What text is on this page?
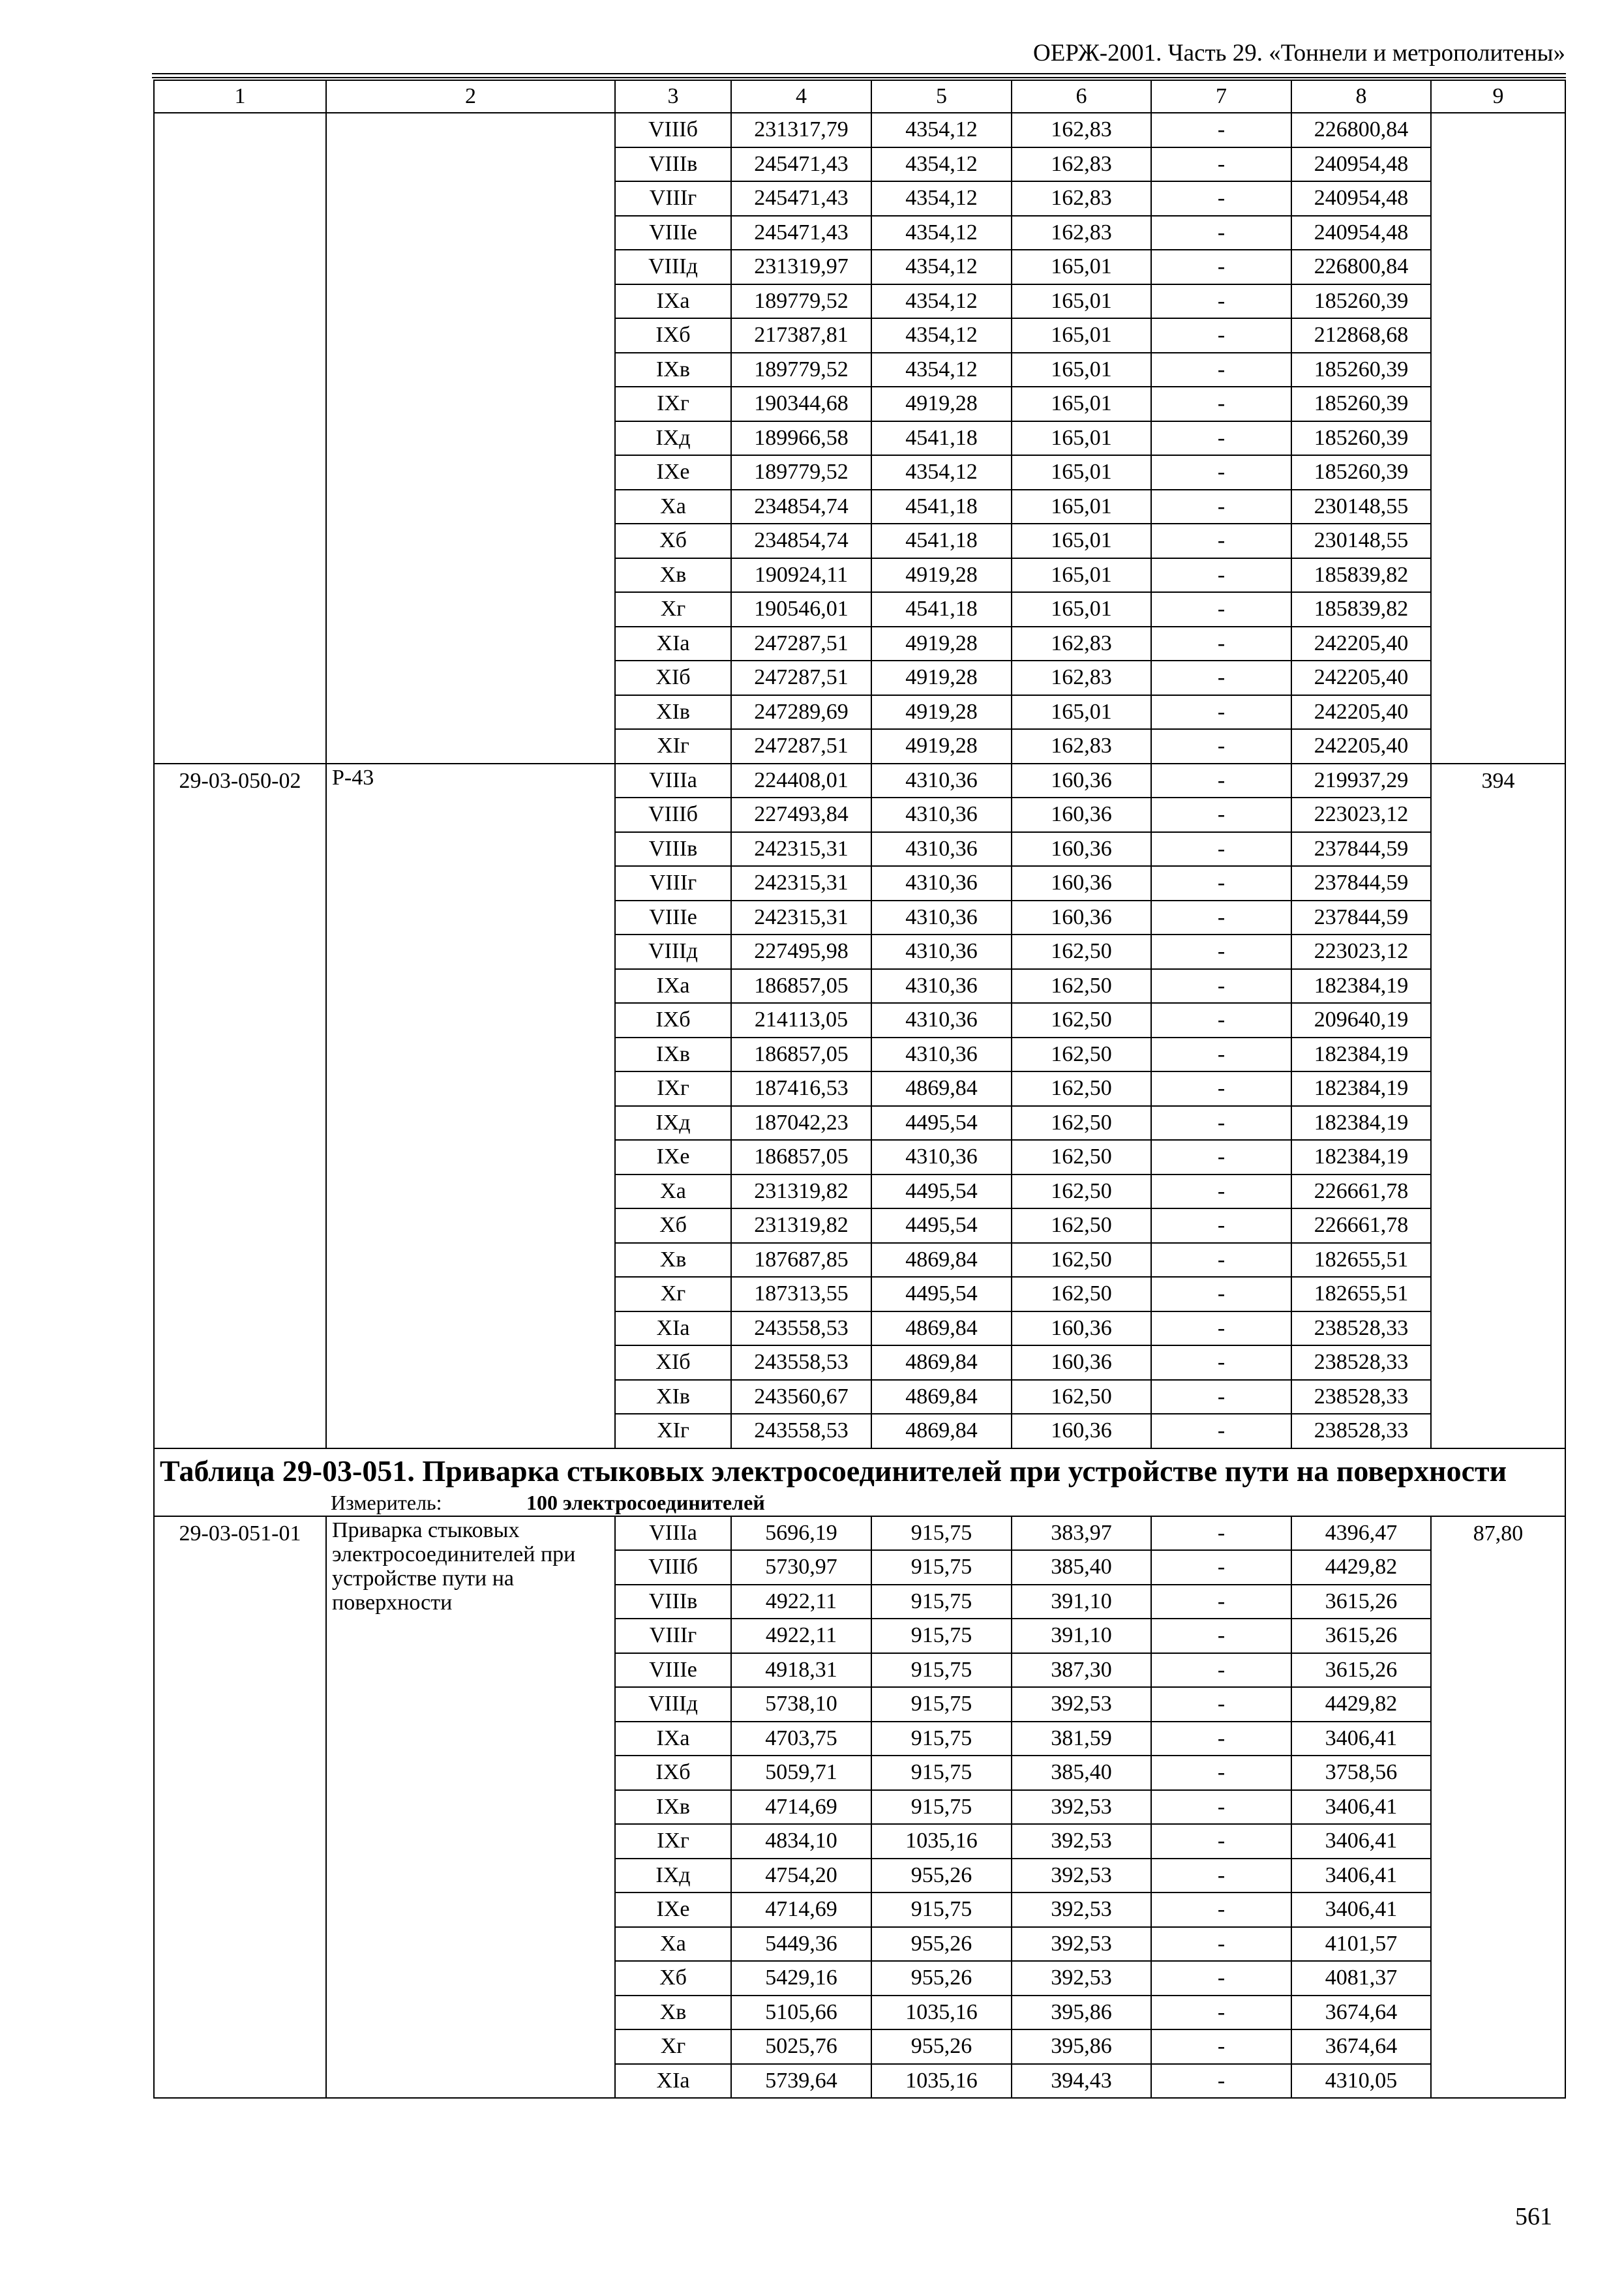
ОЕРЖ-2001. Часть 29. «Тоннели и метрополитены»
1	2	3	4	5	6	7	8	9
		VIIIб	231317,79	4354,12	162,83	-	226800,84	
		VIIIв	245471,43	4354,12	162,83	-	240954,48	
		VIIIг	245471,43	4354,12	162,83	-	240954,48	
		VIIIе	245471,43	4354,12	162,83	-	240954,48	
		VIIIд	231319,97	4354,12	165,01	-	226800,84	
		IXа	189779,52	4354,12	165,01	-	185260,39	
		IXб	217387,81	4354,12	165,01	-	212868,68	
		IXв	189779,52	4354,12	165,01	-	185260,39	
		IXг	190344,68	4919,28	165,01	-	185260,39	
		IXд	189966,58	4541,18	165,01	-	185260,39	
		IXе	189779,52	4354,12	165,01	-	185260,39	
		Xа	234854,74	4541,18	165,01	-	230148,55	
		Xб	234854,74	4541,18	165,01	-	230148,55	
		Xв	190924,11	4919,28	165,01	-	185839,82	
		Xг	190546,01	4541,18	165,01	-	185839,82	
		XIа	247287,51	4919,28	162,83	-	242205,40	
		XIб	247287,51	4919,28	162,83	-	242205,40	
		XIв	247289,69	4919,28	165,01	-	242205,40	
		XIг	247287,51	4919,28	162,83	-	242205,40	
29-03-050-02	Р-43	VIIIа	224408,01	4310,36	160,36	-	219937,29	394
		VIIIб	227493,84	4310,36	160,36	-	223023,12	
		VIIIв	242315,31	4310,36	160,36	-	237844,59	
		VIIIг	242315,31	4310,36	160,36	-	237844,59	
		VIIIе	242315,31	4310,36	160,36	-	237844,59	
		VIIIд	227495,98	4310,36	162,50	-	223023,12	
		IXа	186857,05	4310,36	162,50	-	182384,19	
		IXб	214113,05	4310,36	162,50	-	209640,19	
		IXв	186857,05	4310,36	162,50	-	182384,19	
		IXг	187416,53	4869,84	162,50	-	182384,19	
		IXд	187042,23	4495,54	162,50	-	182384,19	
		IXе	186857,05	4310,36	162,50	-	182384,19	
		Xа	231319,82	4495,54	162,50	-	226661,78	
		Xб	231319,82	4495,54	162,50	-	226661,78	
		Xв	187687,85	4869,84	162,50	-	182655,51	
		Xг	187313,55	4495,54	162,50	-	182655,51	
		XIа	243558,53	4869,84	160,36	-	238528,33	
		XIб	243558,53	4869,84	160,36	-	238528,33	
		XIв	243560,67	4869,84	162,50	-	238528,33	
		XIг	243558,53	4869,84	160,36	-	238528,33	

Таблица 29-03-051. Приварка стыковых электросоединителей при устройстве пути на поверхности
Измеритель: 100 электросоединителей								

29-03-051-01	Приварка стыковых электросоединителей при устройстве пути на поверхности	VIIIа	5696,19	915,75	383,97	-	4396,47	87,80
		VIIIб	5730,97	915,75	385,40	-	4429,82	
		VIIIв	4922,11	915,75	391,10	-	3615,26	
		VIIIг	4922,11	915,75	391,10	-	3615,26	
		VIIIе	4918,31	915,75	387,30	-	3615,26	
		VIIIд	5738,10	915,75	392,53	-	4429,82	
		IXа	4703,75	915,75	381,59	-	3406,41	
		IXб	5059,71	915,75	385,40	-	3758,56	
		IXв	4714,69	915,75	392,53	-	3406,41	
		IXг	4834,10	1035,16	392,53	-	3406,41	
		IXд	4754,20	955,26	392,53	-	3406,41	
		IXе	4714,69	915,75	392,53	-	3406,41	
		Xа	5449,36	955,26	392,53	-	4101,57	
		Xб	5429,16	955,26	392,53	-	4081,37	
		Xв	5105,66	1035,16	395,86	-	3674,64	
		Xг	5025,76	955,26	395,86	-	3674,64	
		XIа	5739,64	1035,16	394,43	-	4310,05	
561
